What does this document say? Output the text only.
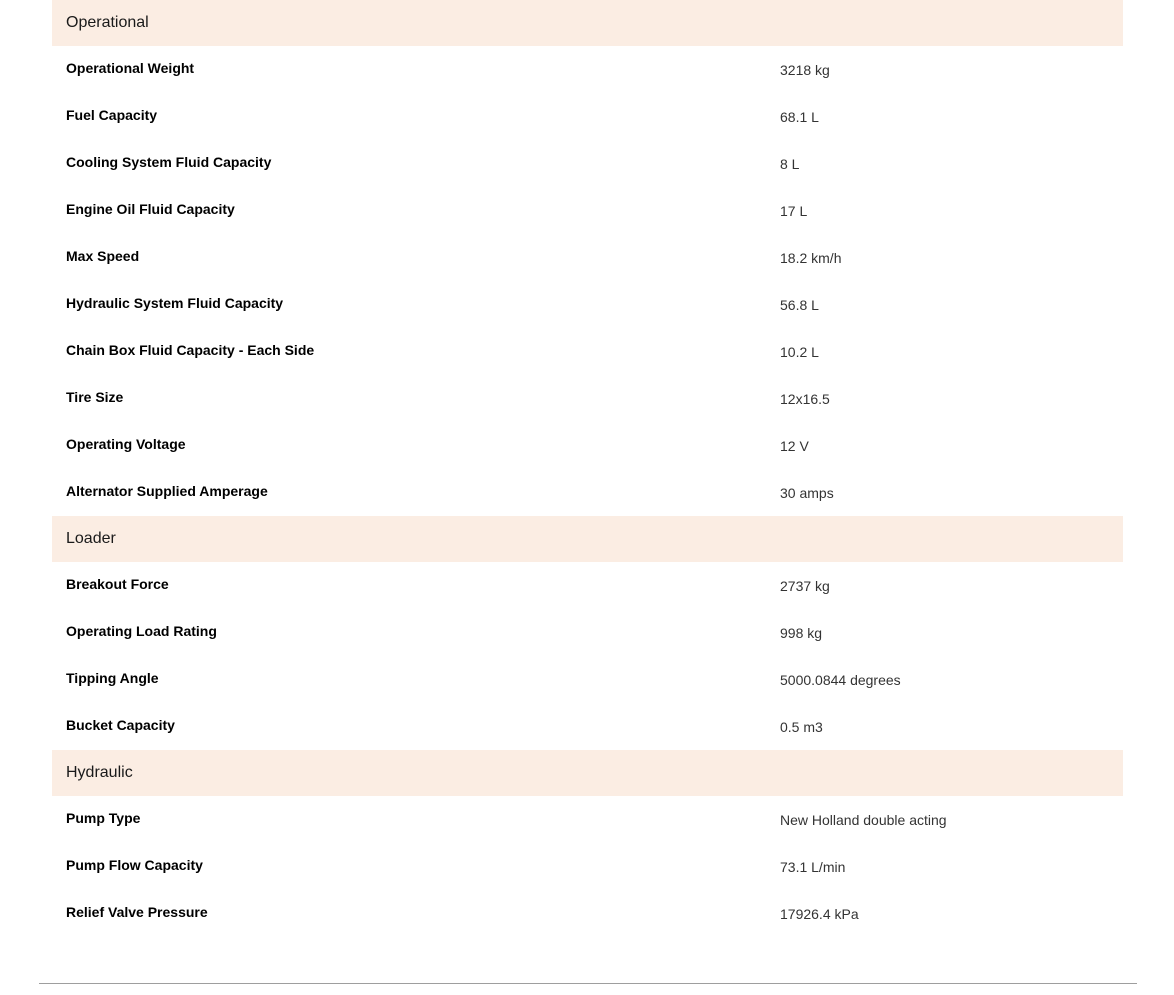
Operational
Operational Weight	3218 kg
Fuel Capacity	68.1 L
Cooling System Fluid Capacity	8 L
Engine Oil Fluid Capacity	17 L
Max Speed	18.2 km/h
Hydraulic System Fluid Capacity	56.8 L
Chain Box Fluid Capacity - Each Side	10.2 L
Tire Size	12x16.5
Operating Voltage	12 V
Alternator Supplied Amperage	30 amps
Loader
Breakout Force	2737 kg
Operating Load Rating	998 kg
Tipping Angle	5000.0844 degrees
Bucket Capacity	0.5 m3
Hydraulic
Pump Type	New Holland double acting
Pump Flow Capacity	73.1 L/min
Relief Valve Pressure	17926.4 kPa
